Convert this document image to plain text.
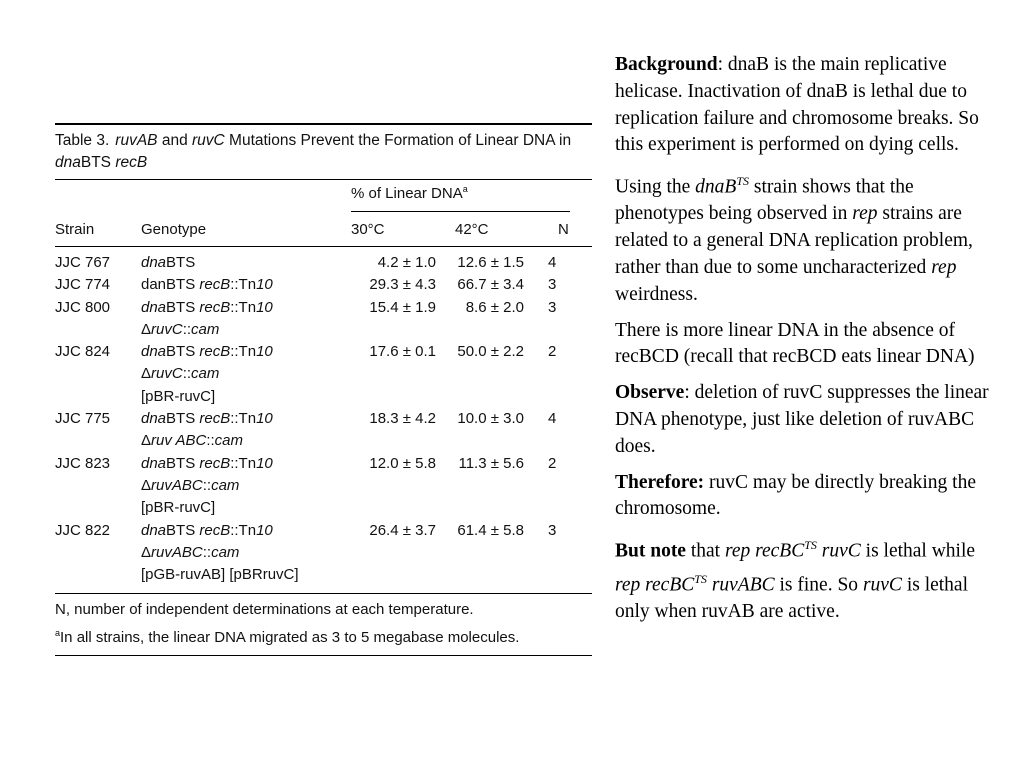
Table 3. ruvAB and ruvC Mutations Prevent the Formation of Linear DNA in dnaBTS recB
% of Linear DNA$^a$
Strain	Genotype	30°C	42°C	N
JJC 767	dnaBTS	4.2 ± 1.0	12.6 ± 1.5	4
JJC 774	danBTS recB::Tn10	29.3 ± 4.3	66.7 ± 3.4	3
JJC 800	dnaBTS recB::Tn10	15.4 ± 1.9	8.6 ± 2.0	3
ΔruvC::cam
JJC 824	dnaBTS recB::Tn10	17.6 ± 0.1	50.0 ± 2.2	2
ΔruvC::cam
[pBR-ruvC]
JJC 775	dnaBTS recB::Tn10	18.3 ± 4.2	10.0 ± 3.0	4
Δruv ABC::cam
JJC 823	dnaBTS recB::Tn10	12.0 ± 5.8	11.3 ± 5.6	2
ΔruvABC::cam
[pBR-ruvC]
JJC 822	dnaBTS recB::Tn10	26.4 ± 3.7	61.4 ± 5.8	3
ΔruvABC::cam
[pGB-ruvAB] [pBRruvC]
N, number of independent determinations at each temperature.
$^a$In all strains, the linear DNA migrated as 3 to 5 megabase molecules.

Background: dnaB is the main replicative helicase. Inactivation of dnaB is lethal due to replication failure and chromosome breaks. So this experiment is performed on dying cells.

Using the dnaB$^{TS}$ strain shows that the phenotypes being observed in rep strains are related to a general DNA replication problem, rather than due to some uncharacterized rep weirdness.

There is more linear DNA in the absence of recBCD (recall that recBCD eats linear DNA)

Observe: deletion of ruvC suppresses the linear DNA phenotype, just like deletion of ruvABC does.

Therefore: ruvC may be directly breaking the chromosome.

But note that rep recBC$^{TS}$ ruvC is lethal while rep recBC$^{TS}$ ruvABC is fine. So ruvC is lethal only when ruvAB are active.
